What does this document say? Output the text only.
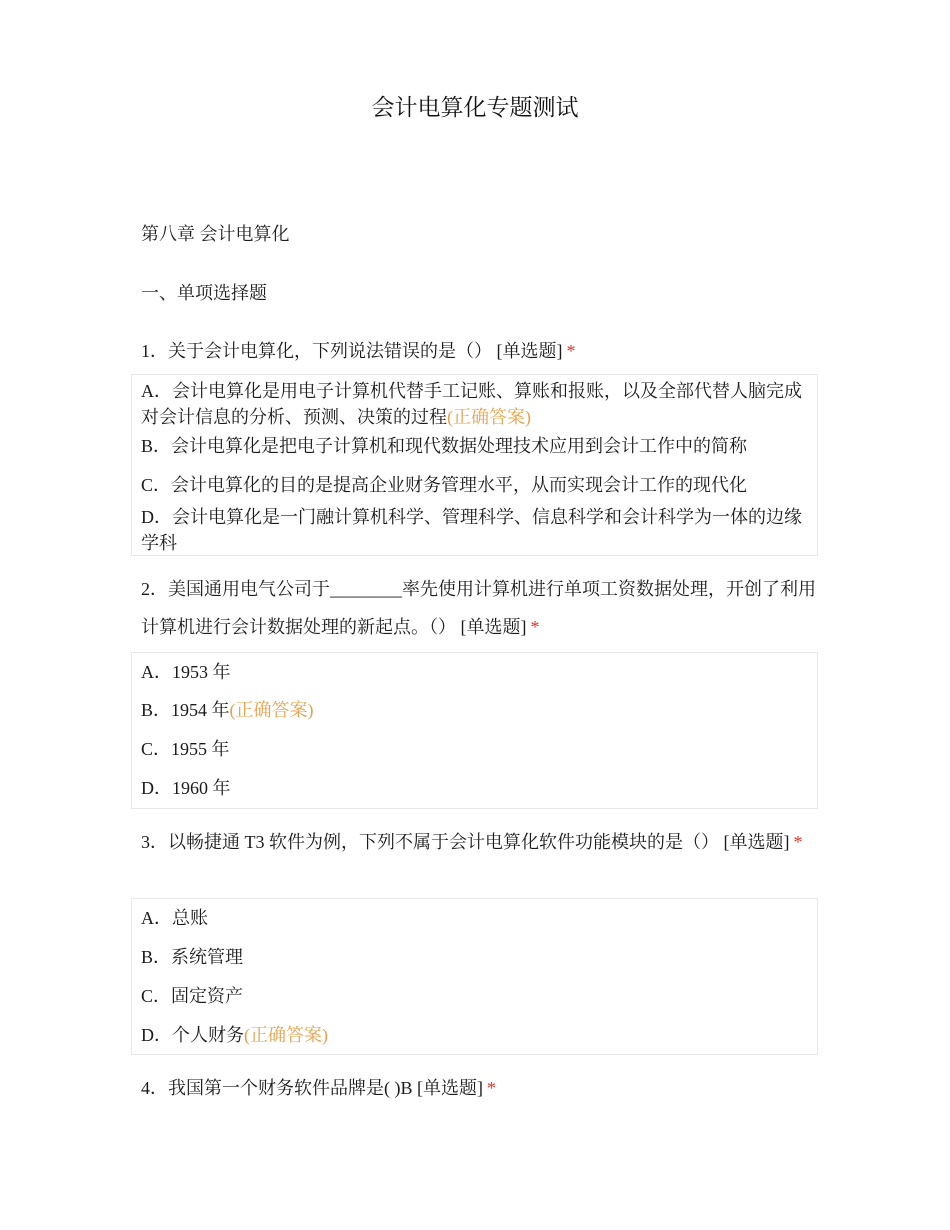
会计电算化专题测试
第八章 会计电算化
一、单项选择题
1．关于会计电算化，下列说法错误的是（） [单选题] *
A．会计电算化是用电子计算机代替手工记账、算账和报账，以及全部代替人脑完成对会计信息的分析、预测、决策的过程(正确答案)
B．会计电算化是把电子计算机和现代数据处理技术应用到会计工作中的简称
C．会计电算化的目的是提高企业财务管理水平，从而实现会计工作的现代化
D．会计电算化是一门融计算机科学、管理科学、信息科学和会计科学为一体的边缘学科
2．美国通用电气公司于________率先使用计算机进行单项工资数据处理，开创了利用计算机进行会计数据处理的新起点。（） [单选题] *
A．1953 年
B．1954 年(正确答案)
C．1955 年
D．1960 年
3．以畅捷通 T3 软件为例，下列不属于会计电算化软件功能模块的是（） [单选题] *
A．总账
B．系统管理
C．固定资产
D．个人财务(正确答案)
4．我国第一个财务软件品牌是( )B [单选题] *
